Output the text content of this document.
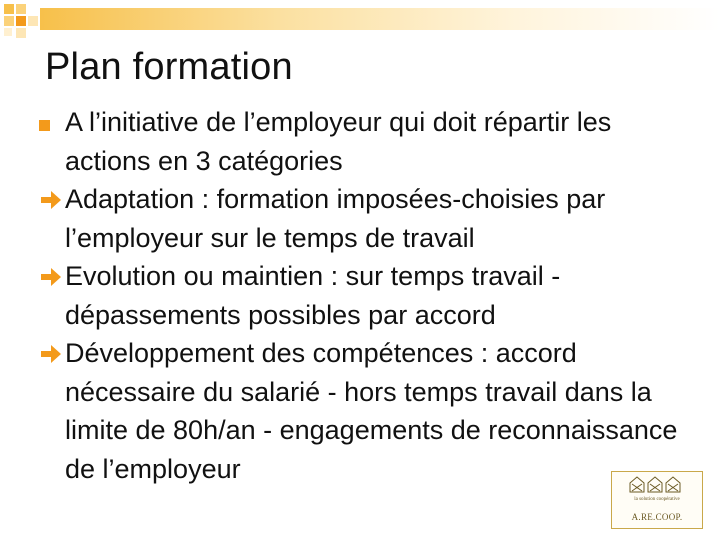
Plan formation
A l’initiative de l’employeur qui doit répartir les actions en 3 catégories
Adaptation : formation imposées-choisies par l’employeur sur le temps de travail
Evolution ou maintien : sur temps travail - dépassements possibles par accord
Développement des compétences : accord nécessaire du salarié - hors temps travail dans la limite de 80h/an - engagements de reconnaissance de l’employeur
la solution coopérative
A.RE.COOP.
